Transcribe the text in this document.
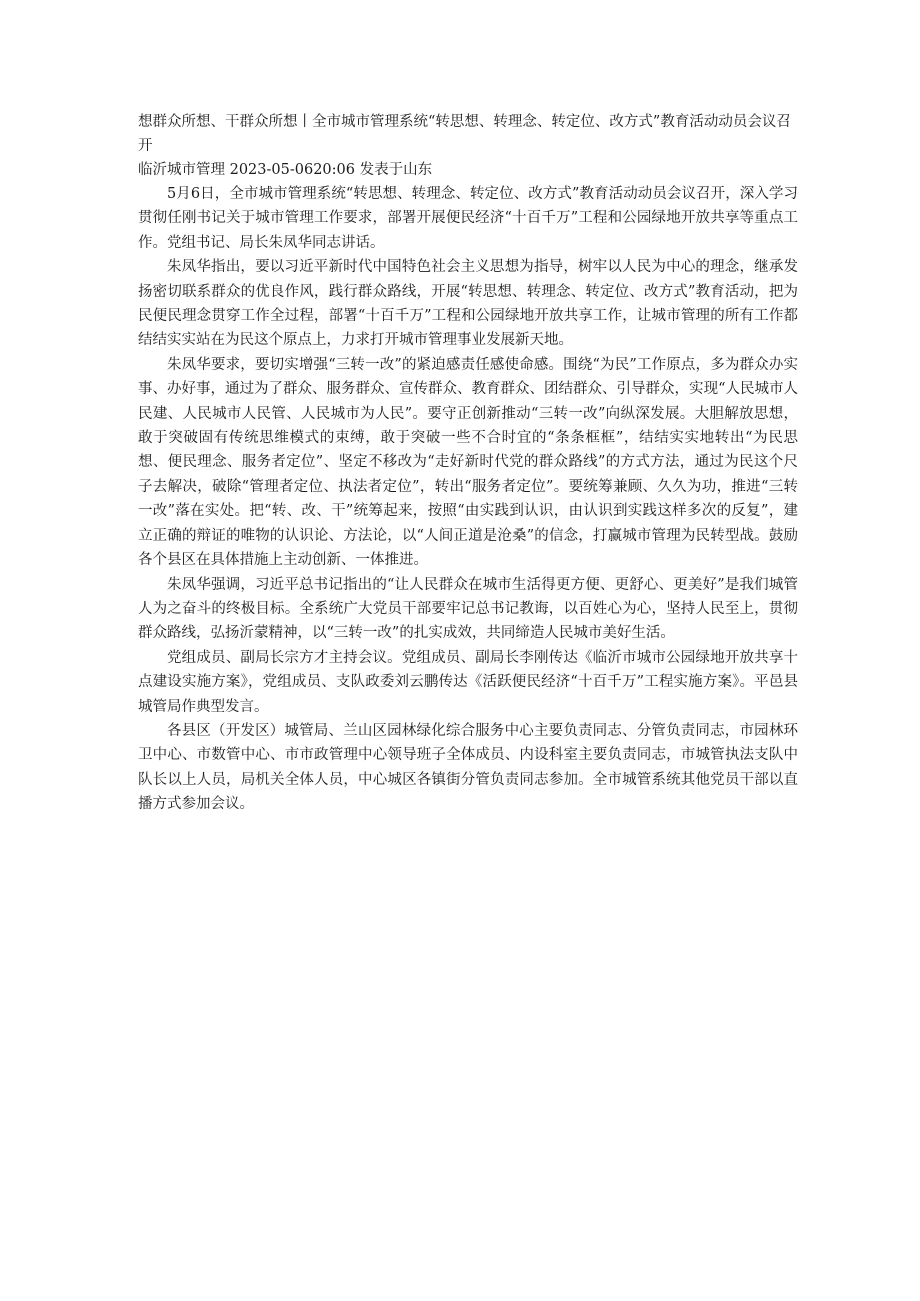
想群众所想、干群众所想丨全市城市管理系统“转思想、转理念、转定位、改方式”教育活动动员会议召开
临沂城市管理 2023-05-0620:06 发表于山东

5月6日，全市城市管理系统“转思想、转理念、转定位、改方式”教育活动动员会议召开，深入学习贯彻任刚书记关于城市管理工作要求，部署开展便民经济“十百千万”工程和公园绿地开放共享等重点工作。党组书记、局长朱凤华同志讲话。

朱凤华指出，要以习近平新时代中国特色社会主义思想为指导，树牢以人民为中心的理念，继承发扬密切联系群众的优良作风，践行群众路线，开展“转思想、转理念、转定位、改方式”教育活动，把为民便民理念贯穿工作全过程，部署“十百千万”工程和公园绿地开放共享工作，让城市管理的所有工作都结结实实站在为民这个原点上，力求打开城市管理事业发展新天地。

朱凤华要求，要切实增强“三转一改”的紧迫感责任感使命感。围绕“为民”工作原点，多为群众办实事、办好事，通过为了群众、服务群众、宣传群众、教育群众、团结群众、引导群众，实现“人民城市人民建、人民城市人民管、人民城市为人民”。要守正创新推动“三转一改”向纵深发展。大胆解放思想，敢于突破固有传统思维模式的束缚，敢于突破一些不合时宜的“条条框框”，结结实实地转出“为民思想、便民理念、服务者定位”、坚定不移改为“走好新时代党的群众路线”的方式方法，通过为民这个尺子去解决，破除“管理者定位、执法者定位”，转出“服务者定位”。要统筹兼顾、久久为功，推进“三转一改”落在实处。把“转、改、干”统筹起来，按照“由实践到认识，由认识到实践这样多次的反复”，建立正确的辩证的唯物的认识论、方法论，以“人间正道是沧桑”的信念，打赢城市管理为民转型战。鼓励各个县区在具体措施上主动创新、一体推进。

朱凤华强调，习近平总书记指出的“让人民群众在城市生活得更方便、更舒心、更美好”是我们城管人为之奋斗的终极目标。全系统广大党员干部要牢记总书记教诲，以百姓心为心，坚持人民至上，贯彻群众路线，弘扬沂蒙精神，以“三转一改”的扎实成效，共同缔造人民城市美好生活。

党组成员、副局长宗方才主持会议。党组成员、副局长李刚传达《临沂市城市公园绿地开放共享十点建设实施方案》，党组成员、支队政委刘云鹏传达《活跃便民经济“十百千万”工程实施方案》。平邑县城管局作典型发言。

各县区（开发区）城管局、兰山区园林绿化综合服务中心主要负责同志、分管负责同志，市园林环卫中心、市数管中心、市市政管理中心领导班子全体成员、内设科室主要负责同志，市城管执法支队中队长以上人员，局机关全体人员，中心城区各镇街分管负责同志参加。全市城管系统其他党员干部以直播方式参加会议。
